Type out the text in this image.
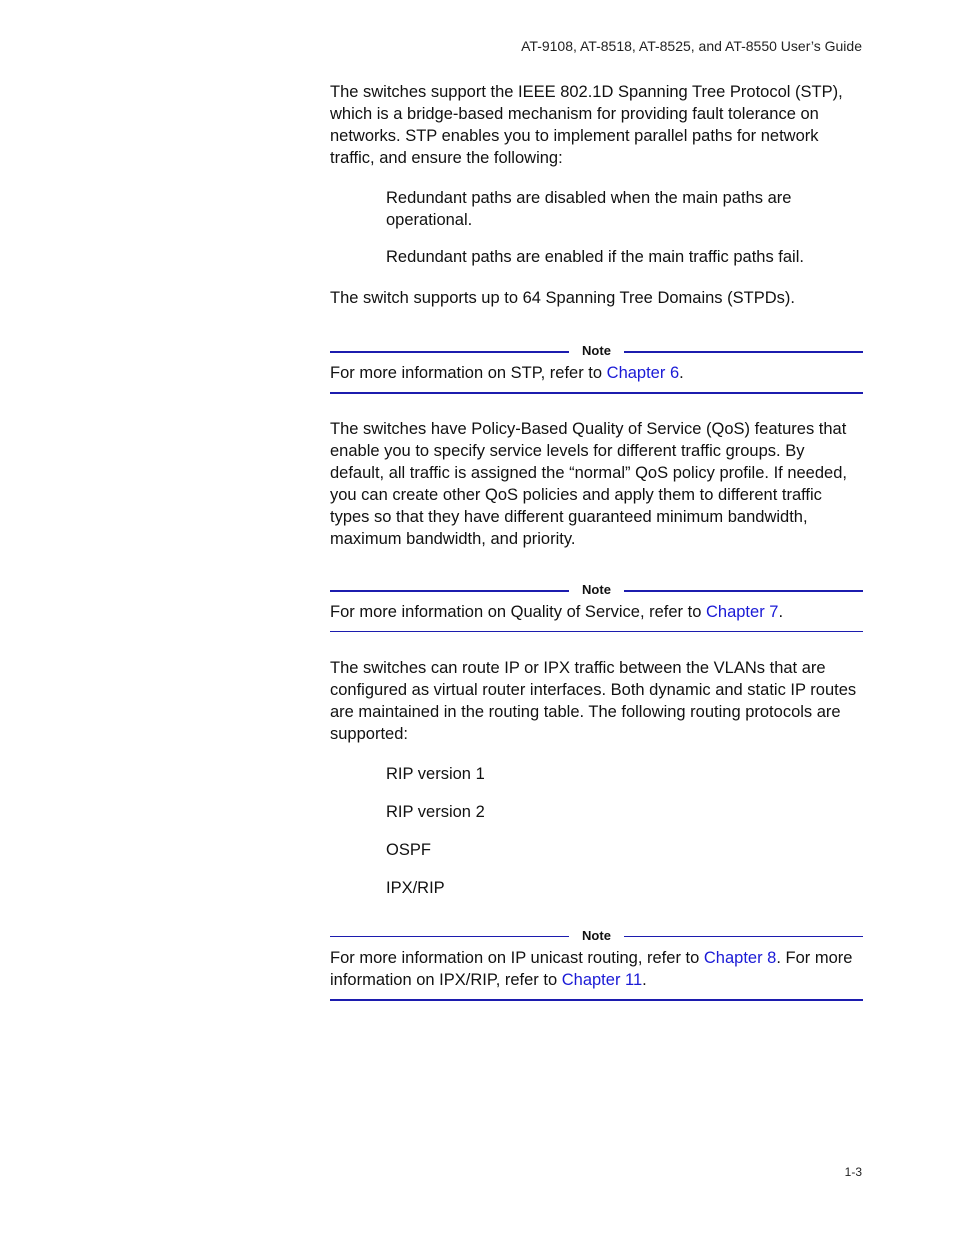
AT-9108, AT-8518, AT-8525, and AT-8550 User’s Guide

The switches support the IEEE 802.1D Spanning Tree Protocol (STP), which is a bridge-based mechanism for providing fault tolerance on networks. STP enables you to implement parallel paths for network traffic, and ensure the following:

Redundant paths are disabled when the main paths are operational.
Redundant paths are enabled if the main traffic paths fail.

The switch supports up to 64 Spanning Tree Domains (STPDs).

Note
For more information on STP, refer to Chapter 6.

The switches have Policy-Based Quality of Service (QoS) features that enable you to specify service levels for different traffic groups. By default, all traffic is assigned the “normal” QoS policy profile. If needed, you can create other QoS policies and apply them to different traffic types so that they have different guaranteed minimum bandwidth, maximum bandwidth, and priority.

Note
For more information on Quality of Service, refer to Chapter 7.

The switches can route IP or IPX traffic between the VLANs that are configured as virtual router interfaces. Both dynamic and static IP routes are maintained in the routing table. The following routing protocols are supported:

RIP version 1
RIP version 2
OSPF
IPX/RIP
Note
For more information on IP unicast routing, refer to Chapter 8. For more information on IPX/RIP, refer to Chapter 11.
1-3
